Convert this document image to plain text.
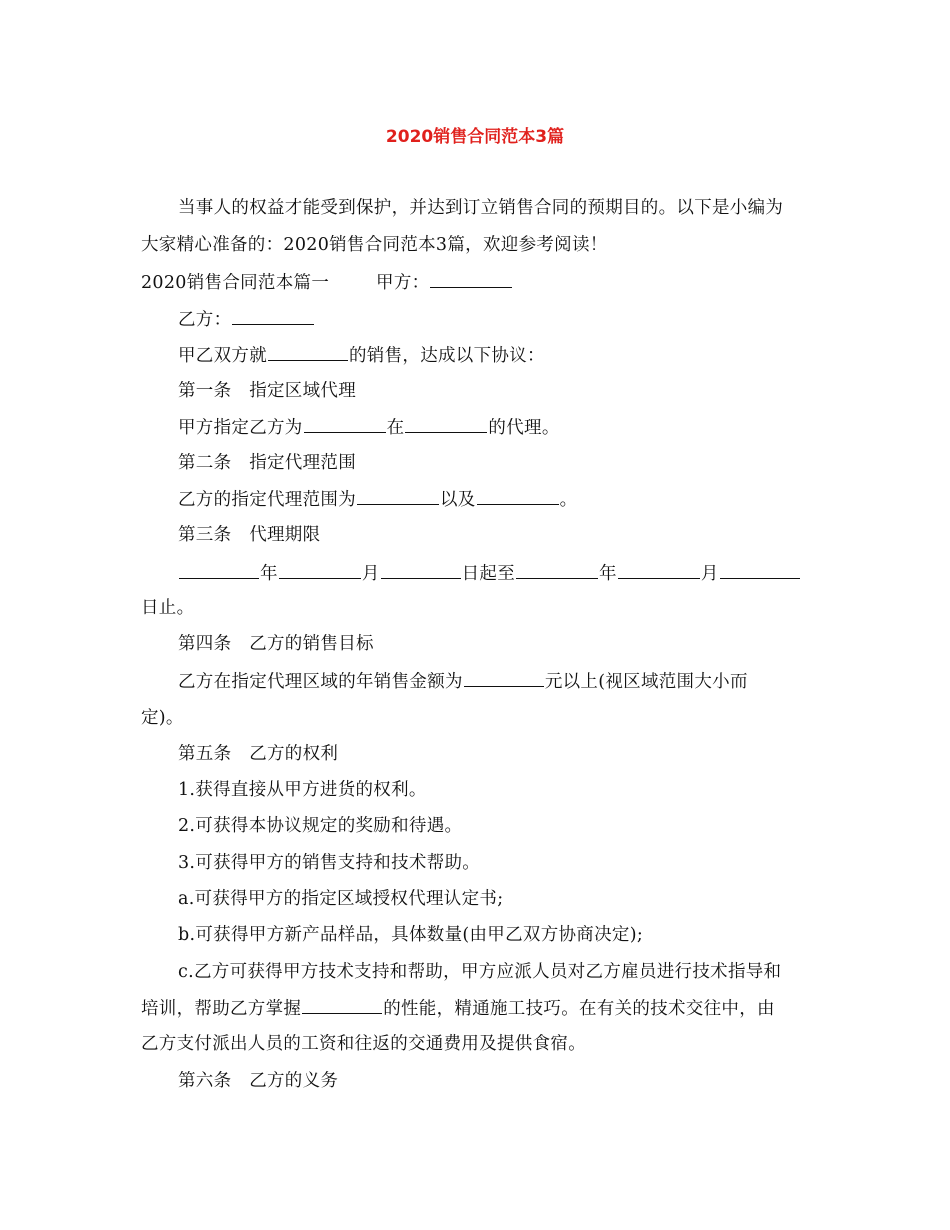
2020销售合同范本3篇
当事人的权益才能受到保护，并达到订立销售合同的预期目的。以下是小编为
大家精心准备的：2020销售合同范本3篇，欢迎参考阅读！
2020销售合同范本篇一	甲方：
乙方：
甲乙双方就	的销售，达成以下协议：
第一条　指定区域代理
甲方指定乙方为	在	的代理。
第二条　指定代理范围
乙方的指定代理范围为	以及	。
第三条　代理期限
年	月	日起至	年	月
日止。
第四条　乙方的销售目标
乙方在指定代理区域的年销售金额为	元以上(视区域范围大小而
定)。
第五条　乙方的权利
1.获得直接从甲方进货的权利。
2.可获得本协议规定的奖励和待遇。
3.可获得甲方的销售支持和技术帮助。
a.可获得甲方的指定区域授权代理认定书;
b.可获得甲方新产品样品，具体数量(由甲乙双方协商决定);
c.乙方可获得甲方技术支持和帮助，甲方应派人员对乙方雇员进行技术指导和
培训，帮助乙方掌握	的性能，精通施工技巧。在有关的技术交往中，由
乙方支付派出人员的工资和往返的交通费用及提供食宿。
第六条　乙方的义务
